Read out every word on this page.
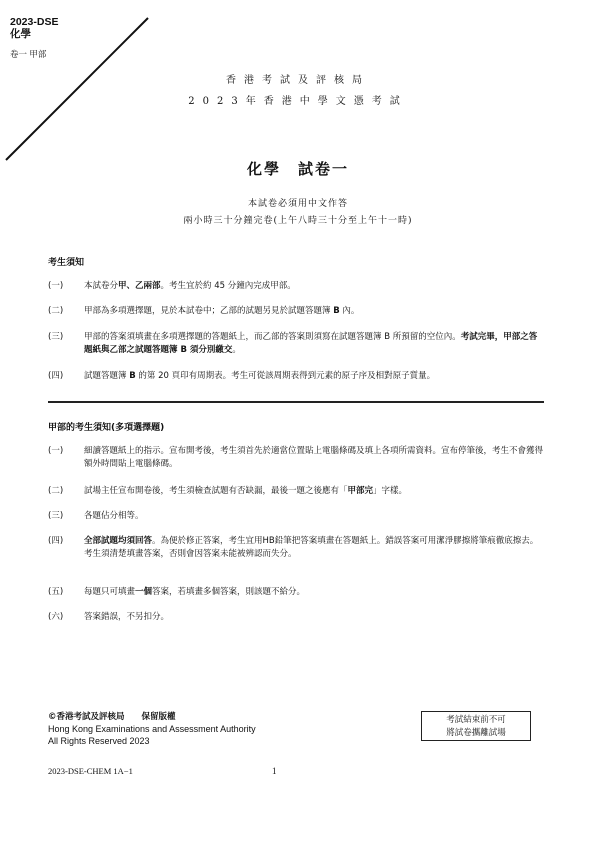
2023-DSE
化學
卷一 甲部
香港考試及評核局
2023年香港中學文憑考試
化學　試卷一
本試卷必須用中文作答
兩小時三十分鐘完卷(上午八時三十分至上午十一時)
考生須知
(一)	本試卷分甲、乙兩部。考生宜於約 45 分鐘內完成甲部。
(二)	甲部為多項選擇題，見於本試卷中；乙部的試題另見於試題答題簿 B 內。
(三)	甲部的答案須填畫在多項選擇題的答題紙上，而乙部的答案則須寫在試題答題簿 B 所預留的空位內。考試完畢，甲部之答題紙與乙部之試題答題簿 B 須分別繳交。
(四)	試題答題簿 B 的第 20 頁印有周期表。考生可從該周期表得到元素的原子序及相對原子質量。
甲部的考生須知(多項選擇題)
(一)	細讀答題紙上的指示。宣布開考後，考生須首先於適當位置貼上電腦條碼及填上各項所需資料。宣布停筆後，考生不會獲得額外時間貼上電腦條碼。
(二)	試場主任宣布開卷後，考生須檢查試題有否缺漏，最後一題之後應有「甲部完」字樣。
(三)	各題佔分相等。
(四)	全部試題均須回答。為便於修正答案，考生宜用HB鉛筆把答案填畫在答題紙上。錯誤答案可用潔淨膠擦將筆痕徹底擦去。考生須清楚填畫答案，否則會因答案未能被辨認而失分。
(五)	每題只可填畫一個答案，若填畫多個答案，則該題不給分。
(六)	答案錯誤，不另扣分。
©香港考試及評核局　　保留版權
Hong Kong Examinations and Assessment Authority
All Rights Reserved 2023
考試結束前不可
將試卷攜離試場
2023-DSE-CHEM 1A−1	1
